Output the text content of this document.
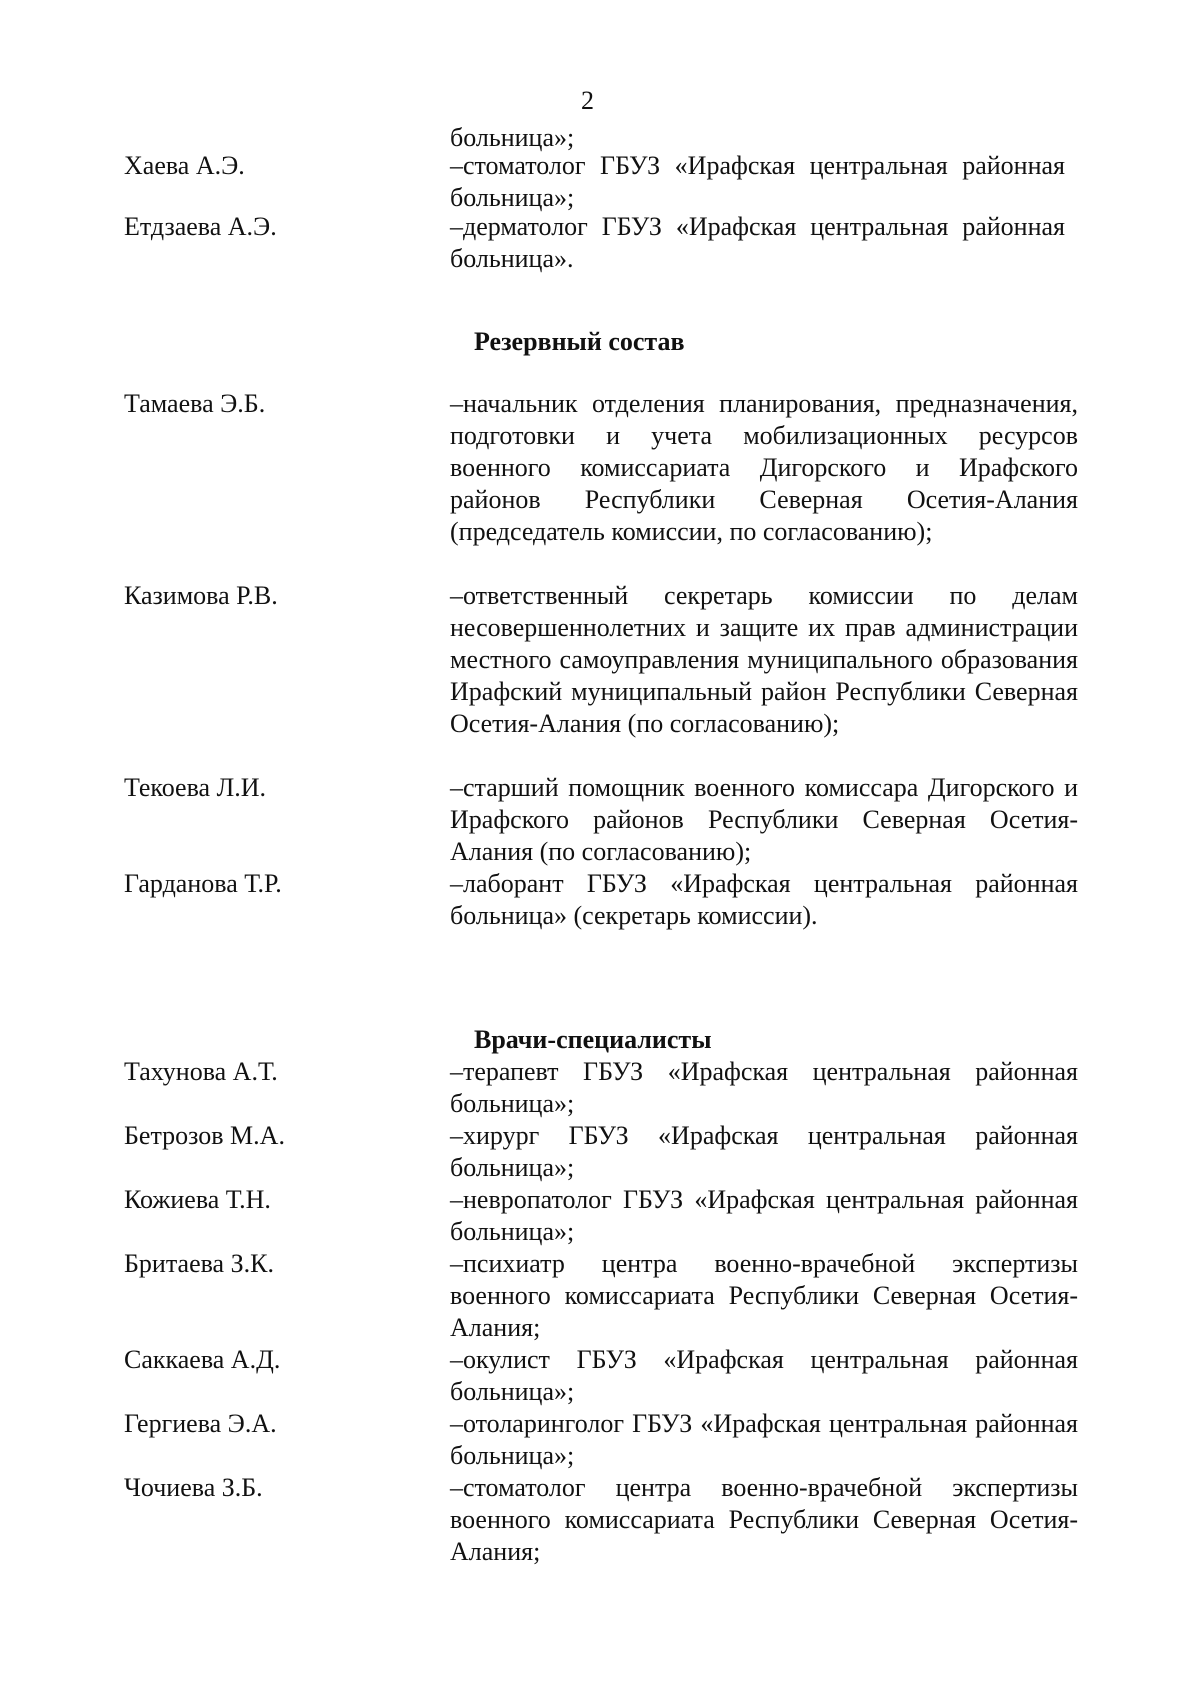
2
больница»;
Хаева А.Э.	–стоматолог ГБУЗ «Ирафская центральная районная больница»;
Етдзаева А.Э.	–дерматолог ГБУЗ «Ирафская центральная районная больница».
Резервный состав
Тамаева Э.Б.	–начальник отделения планирования, предназначения, подготовки и учета мобилизационных ресурсов военного комиссариата Дигорского и Ирафского районов Республики Северная Осетия-Алания (председатель комиссии, по согласованию);
Казимова Р.В.	–ответственный секретарь комиссии по делам несовершеннолетних и защите их прав администрации местного самоуправления муниципального образования Ирафский муниципальный район Республики Северная Осетия-Алания (по согласованию);
Текоева Л.И.	–старший помощник военного комиссара Дигорского и Ирафского районов Республики Северная Осетия-Алания (по согласованию);
Гарданова Т.Р.	–лаборант ГБУЗ «Ирафская центральная районная больница» (секретарь комиссии).
Врачи-специалисты
Тахунова А.Т.	–терапевт ГБУЗ «Ирафская центральная районная больница»;
Бетрозов М.А.	–хирург ГБУЗ «Ирафская центральная районная больница»;
Кожиева Т.Н.	–невропатолог ГБУЗ «Ирафская центральная районная больница»;
Бритаева З.К.	–психиатр центра военно-врачебной экспертизы военного комиссариата Республики Северная Осетия-Алания;
Саккаева А.Д.	–окулист ГБУЗ «Ирафская центральная районная больница»;
Гергиева Э.А.	–отоларинголог ГБУЗ «Ирафская центральная районная больница»;
Чочиева З.Б.	–стоматолог центра военно-врачебной экспертизы военного комиссариата Республики Северная Осетия-Алания;
